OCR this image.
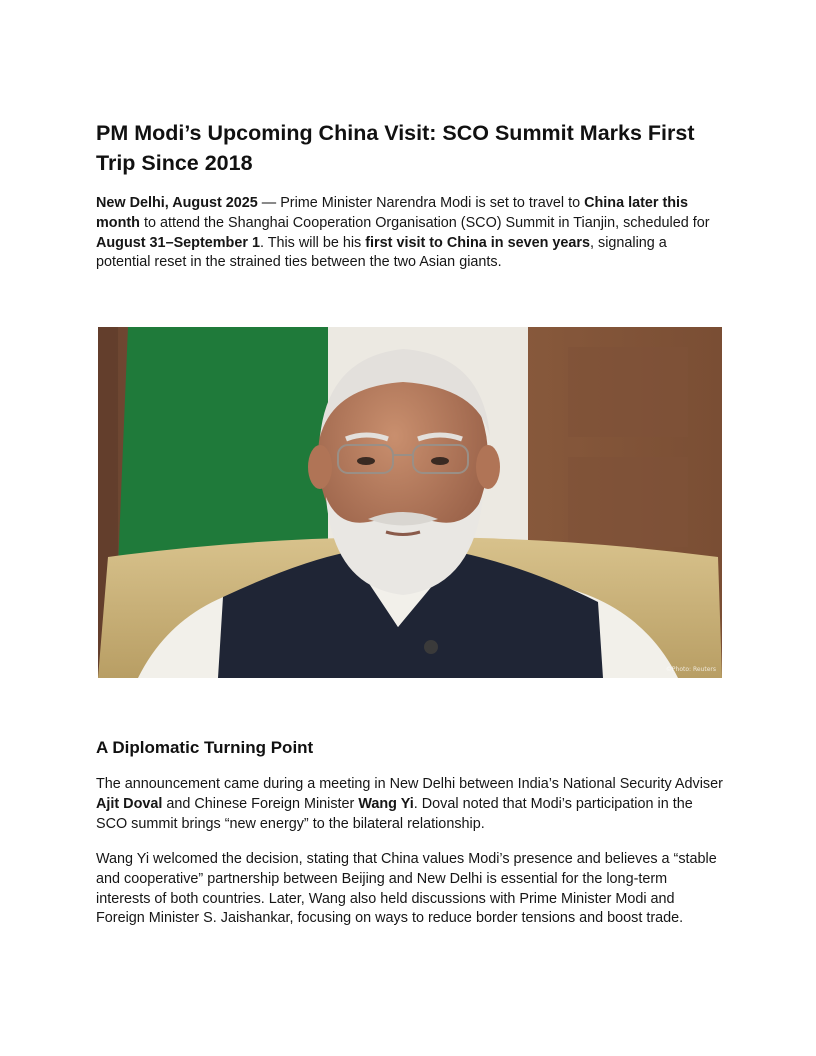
PM Modi’s Upcoming China Visit: SCO Summit Marks First Trip Since 2018

New Delhi, August 2025 — Prime Minister Narendra Modi is set to travel to China later this month to attend the Shanghai Cooperation Organisation (SCO) Summit in Tianjin, scheduled for August 31–September 1. This will be his first visit to China in seven years, signaling a potential reset in the strained ties between the two Asian giants.

©Photo: Reuters
A Diplomatic Turning Point

The announcement came during a meeting in New Delhi between India’s National Security Adviser Ajit Doval and Chinese Foreign Minister Wang Yi. Doval noted that Modi’s participation in the SCO summit brings “new energy” to the bilateral relationship.

Wang Yi welcomed the decision, stating that China values Modi’s presence and believes a “stable and cooperative” partnership between Beijing and New Delhi is essential for the long-term interests of both countries. Later, Wang also held discussions with Prime Minister Modi and Foreign Minister S. Jaishankar, focusing on ways to reduce border tensions and boost trade.
